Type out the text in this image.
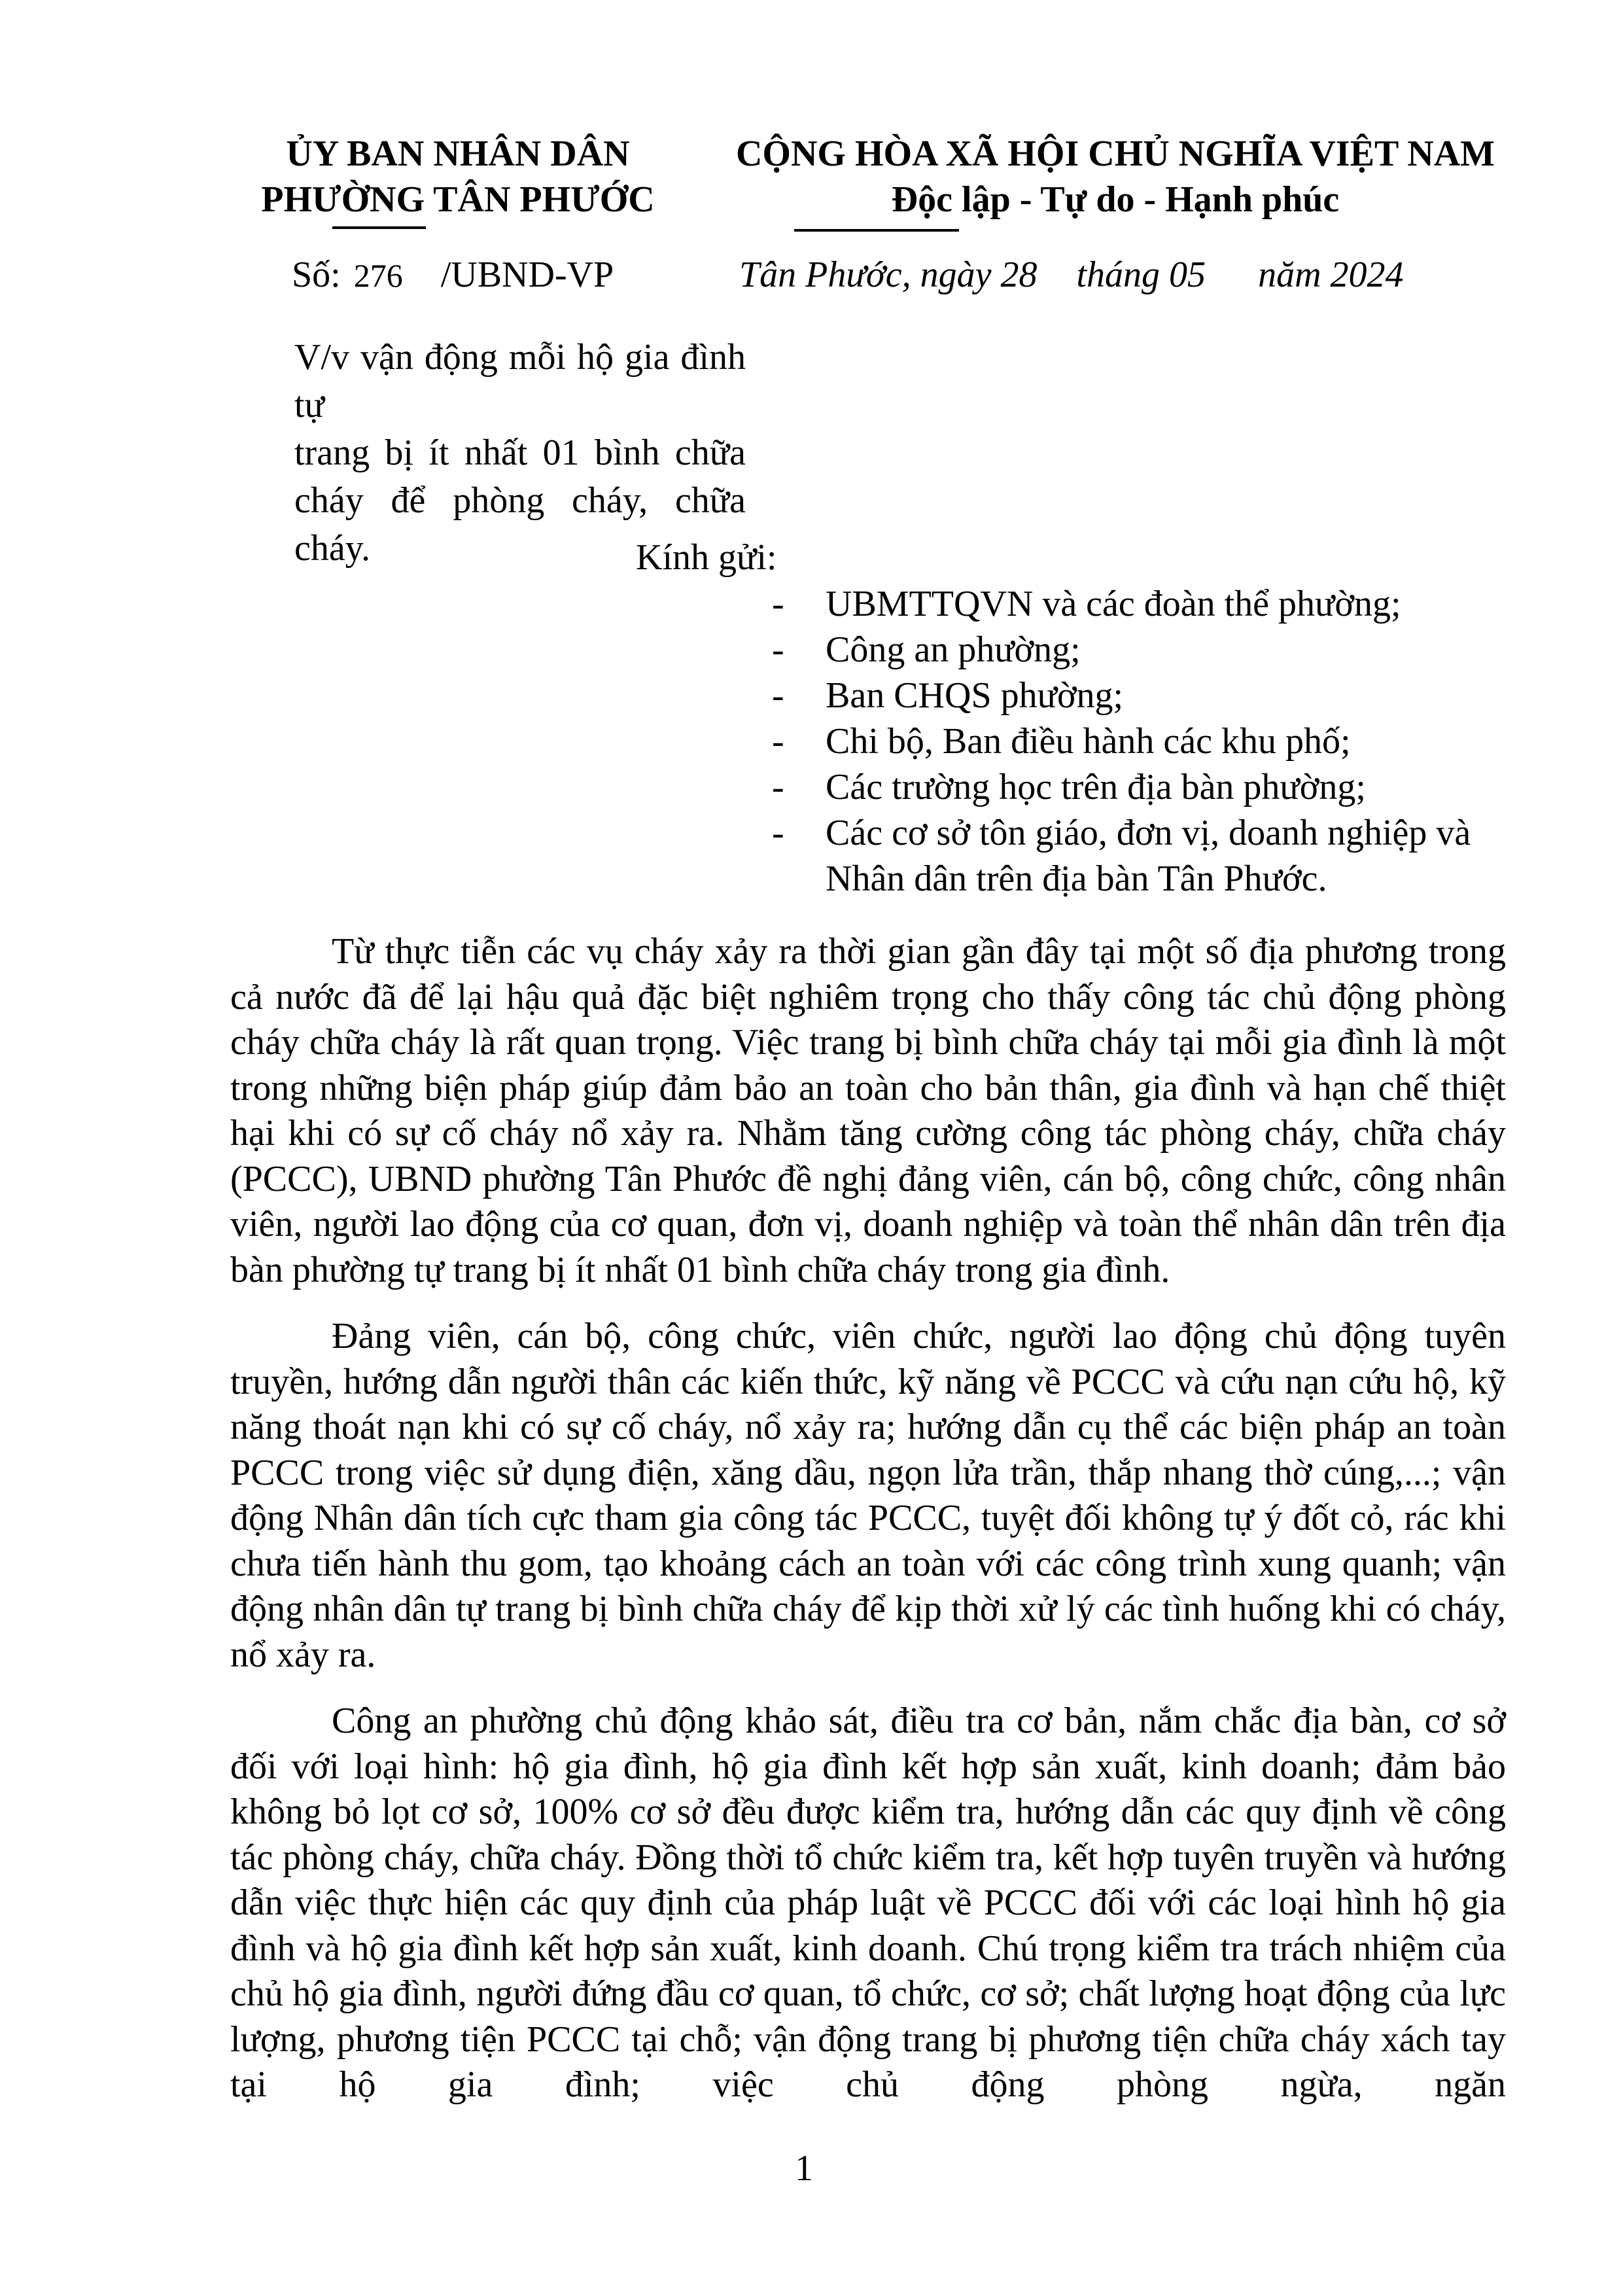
ỦY BAN NHÂN DÂN
PHƯỜNG TÂN PHƯỚC
CỘNG HÒA XÃ HỘI CHỦ NGHĨA VIỆT NAM
Độc lập - Tự do - Hạnh phúc
Số: 276 /UBND-VP	Tân Phước, ngày 28 tháng 05 năm 2024
V/v vận động mỗi hộ gia đình tự
trang bị ít nhất 01 bình chữa
cháy để phòng cháy, chữa cháy.	Kính gửi:
- UBMTTQVN và các đoàn thể phường;
- Công an phường;
- Ban CHQS phường;
- Chi bộ, Ban điều hành các khu phố;
- Các trường học trên địa bàn phường;
- Các cơ sở tôn giáo, đơn vị, doanh nghiệp và Nhân dân trên địa bàn Tân Phước.

Từ thực tiễn các vụ cháy xảy ra thời gian gần đây tại một số địa phương trong cả nước đã để lại hậu quả đặc biệt nghiêm trọng cho thấy công tác chủ động phòng cháy chữa cháy là rất quan trọng. Việc trang bị bình chữa cháy tại mỗi gia đình là một trong những biện pháp giúp đảm bảo an toàn cho bản thân, gia đình và hạn chế thiệt hại khi có sự cố cháy nổ xảy ra. Nhằm tăng cường công tác phòng cháy, chữa cháy (PCCC), UBND phường Tân Phước đề nghị đảng viên, cán bộ, công chức, công nhân viên, người lao động của cơ quan, đơn vị, doanh nghiệp và toàn thể nhân dân trên địa bàn phường tự trang bị ít nhất 01 bình chữa cháy trong gia đình.

Đảng viên, cán bộ, công chức, viên chức, người lao động chủ động tuyên truyền, hướng dẫn người thân các kiến thức, kỹ năng về PCCC và cứu nạn cứu hộ, kỹ năng thoát nạn khi có sự cố cháy, nổ xảy ra; hướng dẫn cụ thể các biện pháp an toàn PCCC trong việc sử dụng điện, xăng dầu, ngọn lửa trần, thắp nhang thờ cúng,...; vận động Nhân dân tích cực tham gia công tác PCCC, tuyệt đối không tự ý đốt cỏ, rác khi chưa tiến hành thu gom, tạo khoảng cách an toàn với các công trình xung quanh; vận động nhân dân tự trang bị bình chữa cháy để kịp thời xử lý các tình huống khi có cháy, nổ xảy ra.

Công an phường chủ động khảo sát, điều tra cơ bản, nắm chắc địa bàn, cơ sở đối với loại hình: hộ gia đình, hộ gia đình kết hợp sản xuất, kinh doanh; đảm bảo không bỏ lọt cơ sở, 100% cơ sở đều được kiểm tra, hướng dẫn các quy định về công tác phòng cháy, chữa cháy. Đồng thời tổ chức kiểm tra, kết hợp tuyên truyền và hướng dẫn việc thực hiện các quy định của pháp luật về PCCC đối với các loại hình hộ gia đình và hộ gia đình kết hợp sản xuất, kinh doanh. Chú trọng kiểm tra trách nhiệm của chủ hộ gia đình, người đứng đầu cơ quan, tổ chức, cơ sở; chất lượng hoạt động của lực lượng, phương tiện PCCC tại chỗ; vận động trang bị phương tiện chữa cháy xách tay tại hộ gia đình; việc chủ động phòng ngừa, ngăn

1
